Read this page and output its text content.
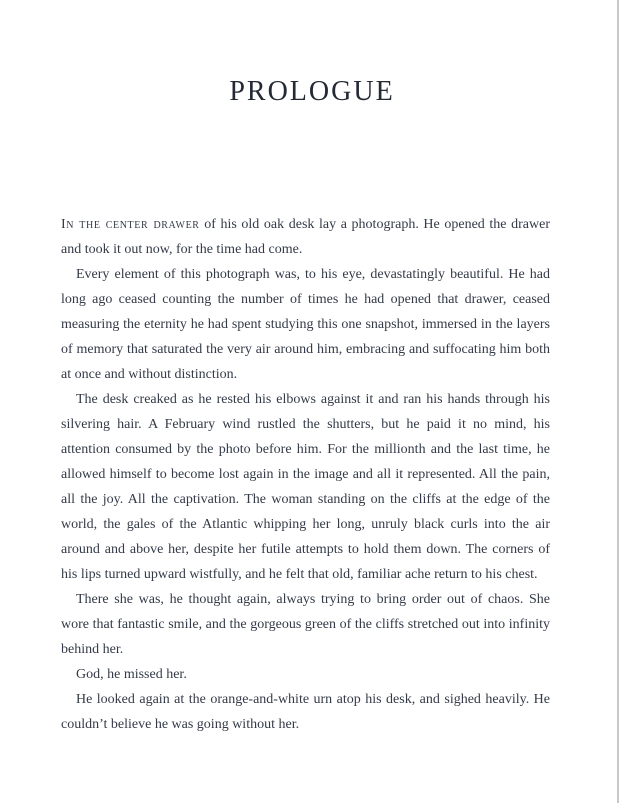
PROLOGUE

In the center drawer of his old oak desk lay a photograph. He opened the drawer and took it out now, for the time had come.

Every element of this photograph was, to his eye, devastatingly beautiful. He had long ago ceased counting the number of times he had opened that drawer, ceased measuring the eternity he had spent studying this one snapshot, immersed in the layers of memory that saturated the very air around him, embracing and suffocating him both at once and without distinction.

The desk creaked as he rested his elbows against it and ran his hands through his silvering hair. A February wind rustled the shutters, but he paid it no mind, his attention consumed by the photo before him. For the millionth and the last time, he allowed himself to become lost again in the image and all it represented. All the pain, all the joy. All the captivation. The woman standing on the cliffs at the edge of the world, the gales of the Atlantic whipping her long, unruly black curls into the air around and above her, despite her futile attempts to hold them down. The corners of his lips turned upward wistfully, and he felt that old, familiar ache return to his chest.

There she was, he thought again, always trying to bring order out of chaos. She wore that fantastic smile, and the gorgeous green of the cliffs stretched out into infinity behind her.

God, he missed her.

He looked again at the orange-and-white urn atop his desk, and sighed heavily. He couldn’t believe he was going without her.
